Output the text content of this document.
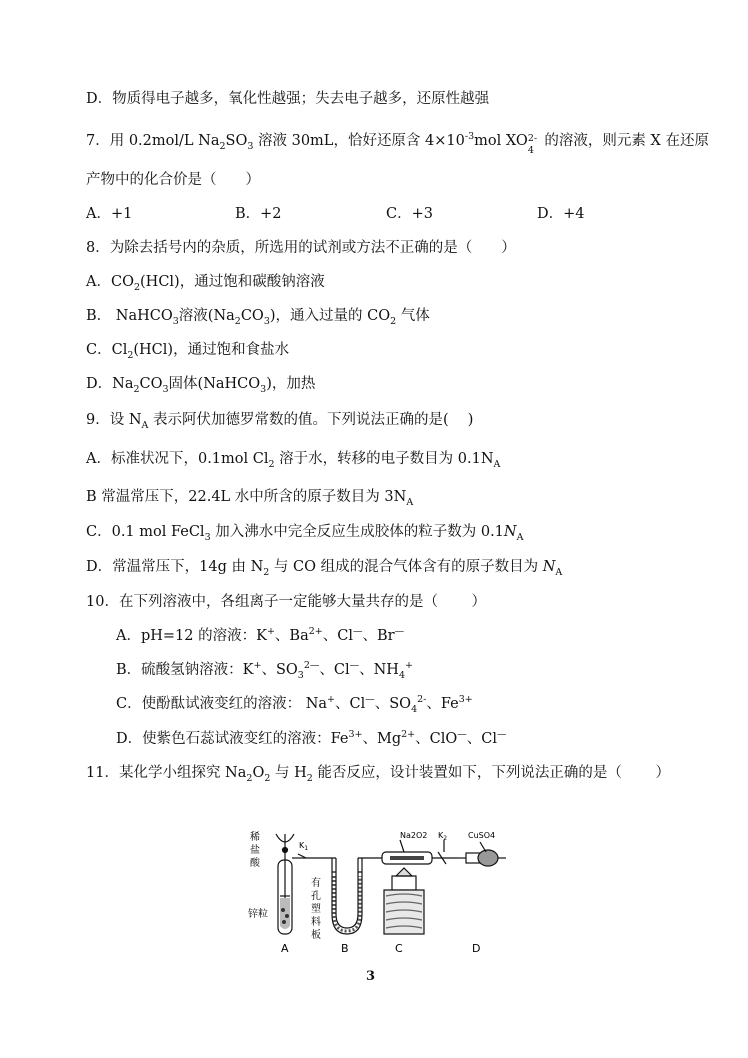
D．物质得电子越多，氧化性越强；失去电子越多，还原性越强
7．用 0.2mol/L $Na_2SO_3$ 溶液 30mL，恰好还原含 $4\times 10^{-3}mol$ XO 2-
4
的溶液，则元素 X 在还原
产物中的化合价是（　　）
A．+1	B．+2	C．+3	D．+4
8．为除去括号内的杂质，所选用的试剂或方法不正确的是（　　）
A．$CO_2(HCl)$，通过饱和碳酸钠溶液
B． NaHCO$_3$溶液$(Na_2CO_3)$，通入过量的 $CO_2$ 气体
C．$Cl_2(HCl)$，通过饱和食盐水
D．$Na_2CO_3$固体(NaHCO$_3$)，加热
9．设 $N_A$ 表示阿伏加德罗常数的值。下列说法正确的是(　 )
A．标准状况下，0.1mol $Cl_2$ 溶于水，转移的电子数目为 $0.1N_A$
B 常温常压下，22.4L 水中所含的原子数目为 $3N_A$
C．0.1 mol FeCl$_3$ 加入沸水中完全反应生成胶体的粒子数为 $0.1N_A$
D．常温常压下，14g 由 $N_2$ 与 CO 组成的混合气体含有的原子数目为 $N_A$
10．在下列溶液中，各组离子一定能够大量共存的是（　　 ）
A．pH=12 的溶液：K+、$Ba^{2+}$、Cl—、Br—
B．硫酸氢钠溶液：K+、$SO_3^{2—}$、Cl—、$NH_4^+$
C．使酚酞试液变红的溶液： Na+、Cl—、$SO_4^{2-}$、$Fe^{3+}$
D．使紫色石蕊试液变红的溶液：$Fe^{3+}$、$Mg^{2+}$、ClO—、Cl—
11．某化学小组探究 $Na_2O_2$ 与 $H_2$ 能否反应，设计装置如下，下列说法正确的是（　　 ）
稀
盐
酸
$K_1$
锌粒
有
孔
塑
料
板
Na2O2 $K_2$	CuSO4
A	B	C	D
3
